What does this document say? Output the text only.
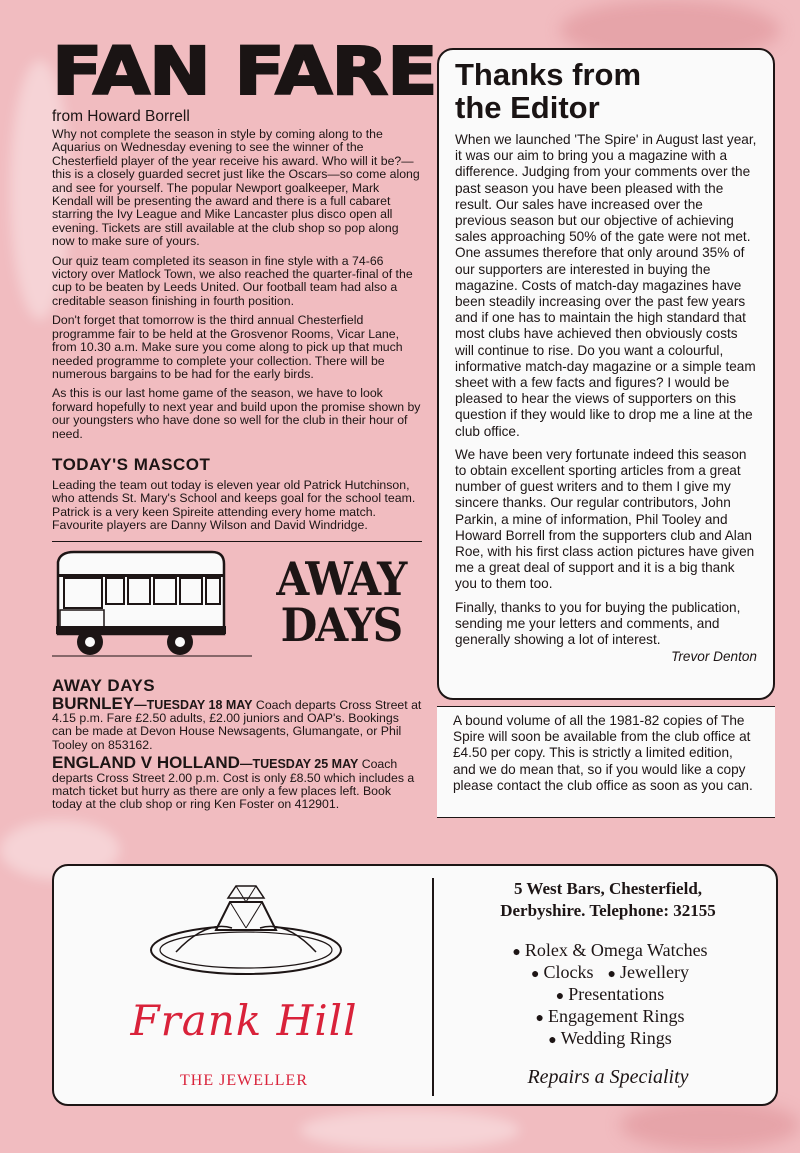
FAN FARE
from Howard Borrell

Why not complete the season in style by coming along to the Aquarius on Wednesday evening to see the winner of the Chesterfield player of the year receive his award. Who will it be?—this is a closely guarded secret just like the Oscars—so come along and see for yourself. The popular Newport goalkeeper, Mark Kendall will be presenting the award and there is a full cabaret starring the Ivy League and Mike Lancaster plus disco open all evening. Tickets are still available at the club shop so pop along now to make sure of yours.

Our quiz team completed its season in fine style with a 74-66 victory over Matlock Town, we also reached the quarter-final of the cup to be beaten by Leeds United. Our football team had also a creditable season finishing in fourth position.

Don't forget that tomorrow is the third annual Chesterfield programme fair to be held at the Grosvenor Rooms, Vicar Lane, from 10.30 a.m. Make sure you come along to pick up that much needed programme to complete your collection. There will be numerous bargains to be had for the early birds.

As this is our last home game of the season, we have to look forward hopefully to next year and build upon the promise shown by our youngsters who have done so well for the club in their hour of need.

TODAY'S MASCOT

Leading the team out today is eleven year old Patrick Hutchinson, who attends St. Mary's School and keeps goal for the school team. Patrick is a very keen Spireite attending every home match. Favourite players are Danny Wilson and David Windridge.

AWAY
DAYS
AWAY DAYS

BURNLEY—TUESDAY 18 MAY Coach departs Cross Street at 4.15 p.m. Fare £2.50 adults, £2.00 juniors and OAP's. Bookings can be made at Devon House Newsagents, Glumangate, or Phil Tooley on 853162.

ENGLAND V HOLLAND—TUESDAY 25 MAY Coach departs Cross Street 2.00 p.m. Cost is only £8.50 which includes a match ticket but hurry as there are only a few places left. Book today at the club shop or ring Ken Foster on 412901.

Thanks from
the Editor

When we launched 'The Spire' in August last year, it was our aim to bring you a magazine with a difference. Judging from your comments over the past season you have been pleased with the result. Our sales have increased over the previous season but our objective of achieving sales approaching 50% of the gate were not met. One assumes therefore that only around 35% of our supporters are interested in buying the magazine. Costs of match-day magazines have been steadily increasing over the past few years and if one has to maintain the high standard that most clubs have achieved then obviously costs will continue to rise. Do you want a colourful, informative match-day magazine or a simple team sheet with a few facts and figures? I would be pleased to hear the views of supporters on this question if they would like to drop me a line at the club office.

We have been very fortunate indeed this season to obtain excellent sporting articles from a great number of guest writers and to them I give my sincere thanks. Our regular contributors, John Parkin, a mine of information, Phil Tooley and Howard Borrell from the supporters club and Alan Roe, with his first class action pictures have given me a great deal of support and it is a big thank you to them too.

Finally, thanks to you for buying the publication, sending me your letters and comments, and generally showing a lot of interest.

Trevor Denton

A bound volume of all the 1981-82 copies of The Spire will soon be available from the club office at £4.50 per copy. This is strictly a limited edition, and we do mean that, so if you would like a copy please contact the club office as soon as you can.

Frank Hill
THE JEWELLER
5 West Bars, Chesterfield,
Derbyshire. Telephone: 32155
● Rolex & Omega Watches
● Clocks ● Jewellery
● Presentations
● Engagement Rings
● Wedding Rings
Repairs a Speciality
